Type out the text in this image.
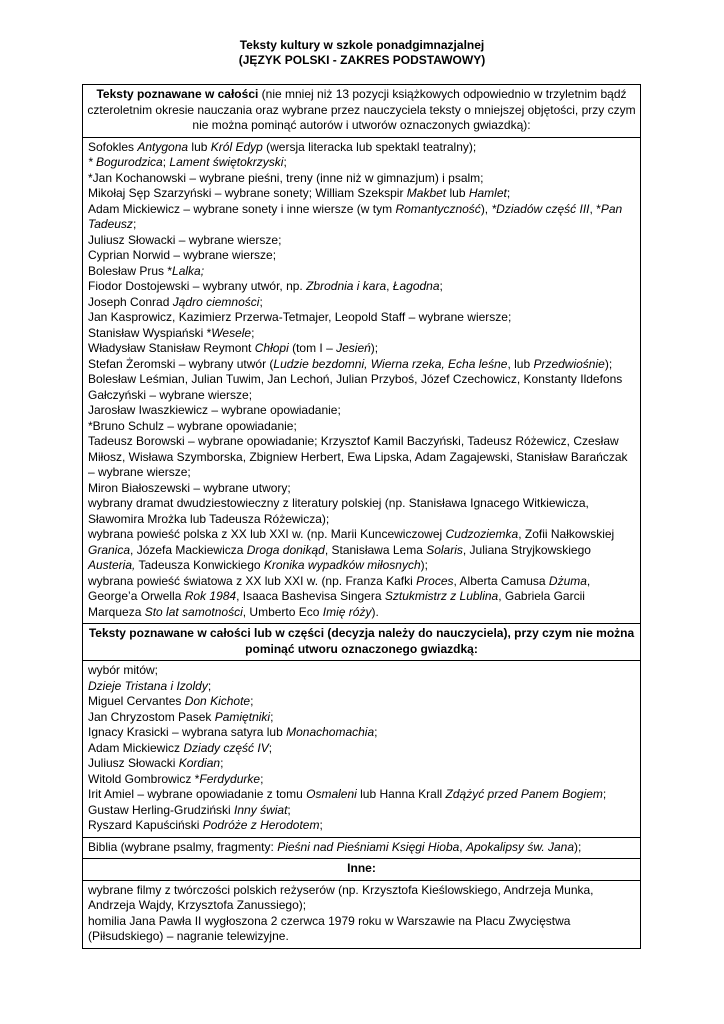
Teksty kultury w szkole ponadgimnazjalnej
(JĘZYK POLSKI - ZAKRES PODSTAWOWY)
Teksty poznawane w całości (nie mniej niż 13 pozycji książkowych odpowiednio w trzyletnim bądź czteroletnim okresie nauczania oraz wybrane przez nauczyciela teksty o mniejszej objętości, przy czym nie można pominąć autorów i utworów oznaczonych gwiazdką):
Sofokles Antygona lub Król Edyp (wersja literacka lub spektakl teatralny);
* Bogurodzica; Lament świętokrzyski;
*Jan Kochanowski – wybrane pieśni, treny (inne niż w gimnazjum) i psalm;
Mikołaj Sęp Szarzyński – wybrane sonety; William Szekspir Makbet lub Hamlet;
Adam Mickiewicz – wybrane sonety i inne wiersze (w tym Romantyczność), *Dziadów część III, *Pan
Tadeusz;
Juliusz Słowacki – wybrane wiersze;
Cyprian Norwid – wybrane wiersze;
Bolesław Prus *Lalka;
Fiodor Dostojewski – wybrany utwór, np. Zbrodnia i kara, Łagodna;
Joseph Conrad Jądro ciemności;
Jan Kasprowicz, Kazimierz Przerwa-Tetmajer, Leopold Staff – wybrane wiersze;
Stanisław Wyspiański *Wesele;
Władysław Stanisław Reymont Chłopi (tom I – Jesień);
Stefan Żeromski – wybrany utwór (Ludzie bezdomni, Wierna rzeka, Echa leśne, lub Przedwiośnie);
Bolesław Leśmian, Julian Tuwim, Jan Lechoń, Julian Przyboś, Józef Czechowicz, Konstanty Ildefons
Gałczyński – wybrane wiersze;
Jarosław Iwaszkiewicz – wybrane opowiadanie;
*Bruno Schulz – wybrane opowiadanie;
Tadeusz Borowski – wybrane opowiadanie; Krzysztof Kamil Baczyński, Tadeusz Różewicz, Czesław
Miłosz, Wisława Szymborska, Zbigniew Herbert, Ewa Lipska, Adam Zagajewski, Stanisław Barańczak
– wybrane wiersze;
Miron Białoszewski – wybrane utwory;
wybrany dramat dwudziestowieczny z literatury polskiej (np. Stanisława Ignacego Witkiewicza,
Sławomira Mrożka lub Tadeusza Różewicza);
wybrana powieść polska z XX lub XXI w. (np. Marii Kuncewiczowej Cudzoziemka, Zofii Nałkowskiej
Granica, Józefa Mackiewicza Droga donikąd, Stanisława Lema Solaris, Juliana Stryjkowskiego
Austeria, Tadeusza Konwickiego Kronika wypadków miłosnych);
wybrana powieść światowa z XX lub XXI w. (np. Franza Kafki Proces, Alberta Camusa Dżuma,
George’a Orwella Rok 1984, Isaaca Bashevisa Singera Sztukmistrz z Lublina, Gabriela Garcii
Marqueza Sto lat samotności, Umberto Eco Imię róży).
Teksty poznawane w całości lub w części (decyzja należy do nauczyciela), przy czym nie można pominąć utworu oznaczonego gwiazdką:
wybór mitów;
Dzieje Tristana i Izoldy;
Miguel Cervantes Don Kichote;
Jan Chryzostom Pasek Pamiętniki;
Ignacy Krasicki – wybrana satyra lub Monachomachia;
Adam Mickiewicz Dziady część IV;
Juliusz Słowacki Kordian;
Witold Gombrowicz *Ferdydurke;
Irit Amiel – wybrane opowiadanie z tomu Osmaleni lub Hanna Krall Zdążyć przed Panem Bogiem;
Gustaw Herling-Grudziński Inny świat;
Ryszard Kapuściński Podróże z Herodotem;
Biblia (wybrane psalmy, fragmenty: Pieśni nad Pieśniami Księgi Hioba, Apokalipsy św. Jana);
Inne:
wybrane filmy z twórczości polskich reżyserów (np. Krzysztofa Kieślowskiego, Andrzeja Munka,
Andrzeja Wajdy, Krzysztofa Zanussiego);
homilia Jana Pawła II wygłoszona 2 czerwca 1979 roku w Warszawie na Placu Zwycięstwa
(Piłsudskiego) – nagranie telewizyjne.
